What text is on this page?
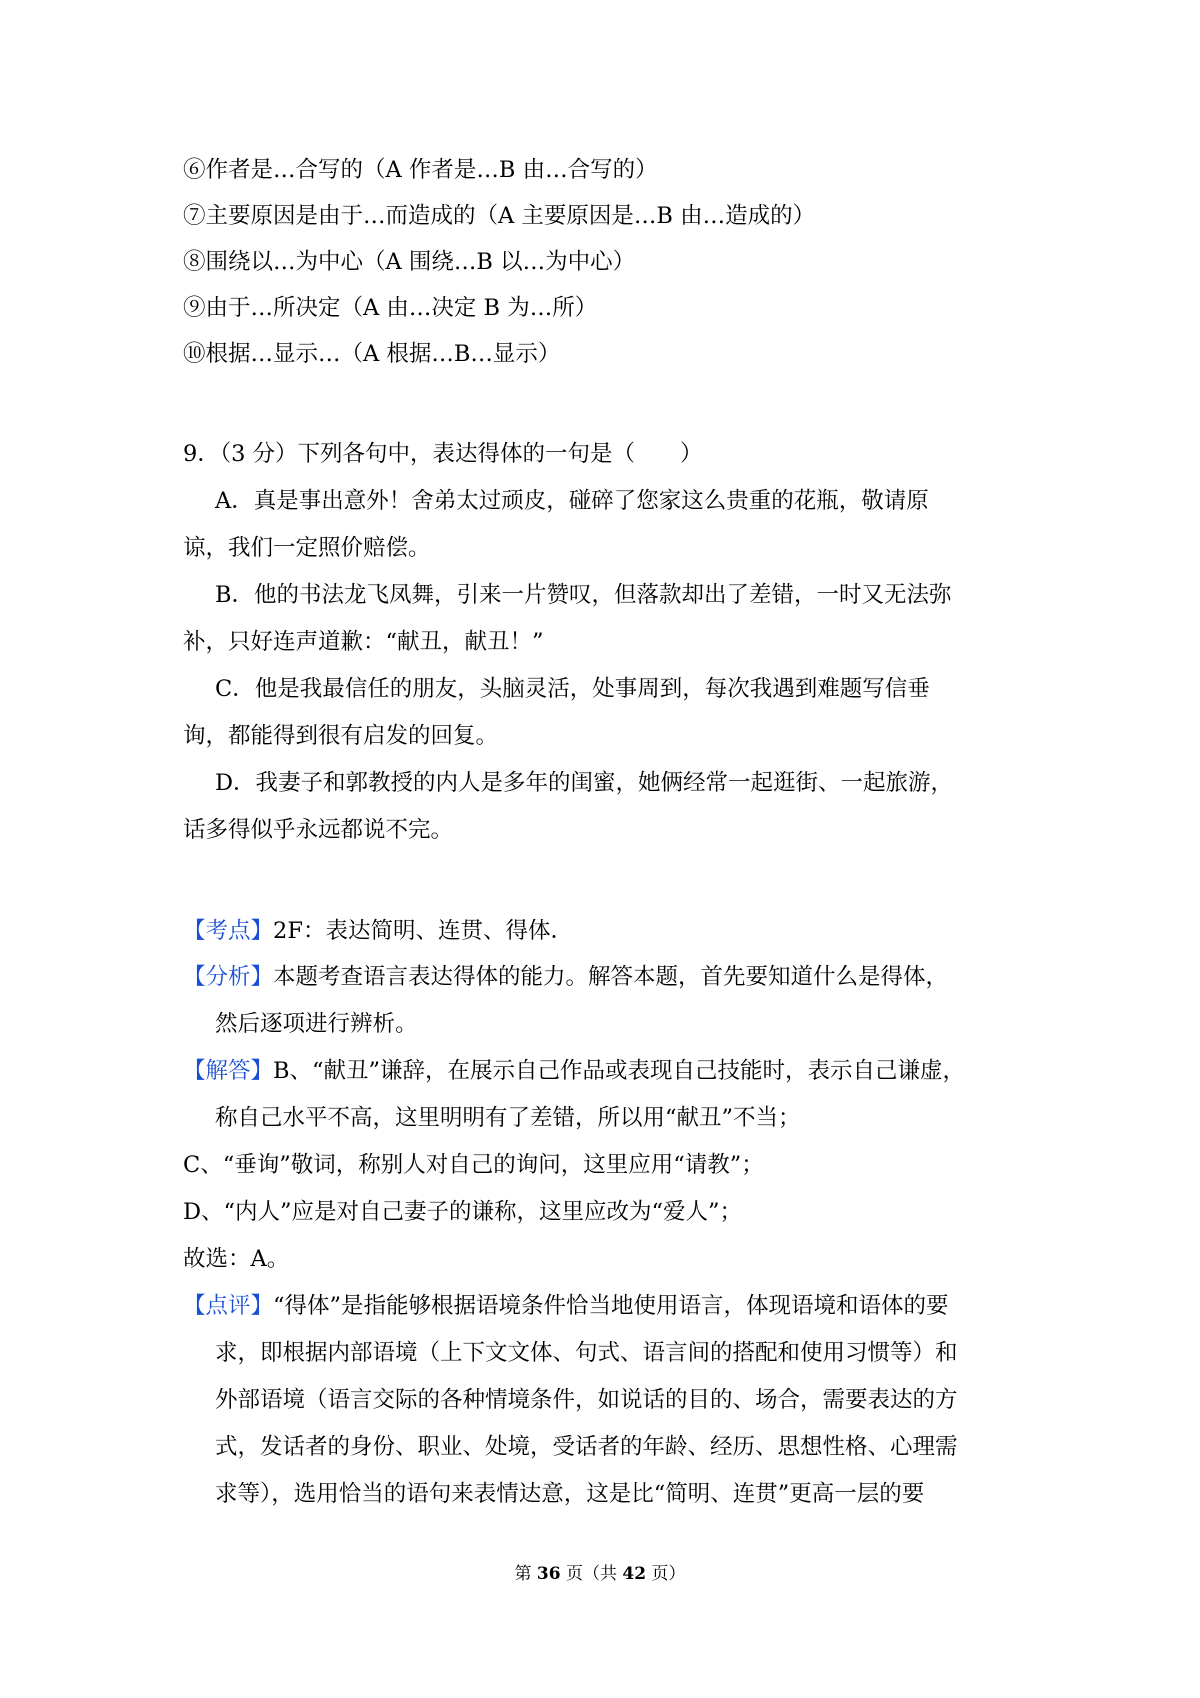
⑥作者是…合写的（A 作者是…B 由…合写的）
⑦主要原因是由于…而造成的（A 主要原因是…B 由…造成的）
⑧围绕以…为中心（A 围绕…B 以…为中心）
⑨由于…所决定（A 由…决定 B 为…所）
⑩根据…显示…（A 根据…B…显示）
9．（3 分）下列各句中，表达得体的一句是（　　）
A．真是事出意外！舍弟太过顽皮，碰碎了您家这么贵重的花瓶，敬请原
谅，我们一定照价赔偿。
B．他的书法龙飞凤舞，引来一片赞叹，但落款却出了差错，一时又无法弥
补，只好连声道歉：“献丑，献丑！”
C．他是我最信任的朋友，头脑灵活，处事周到，每次我遇到难题写信垂
询，都能得到很有启发的回复。
D．我妻子和郭教授的内人是多年的闺蜜，她俩经常一起逛街、一起旅游，
话多得似乎永远都说不完。
【考点】2F：表达简明、连贯、得体．
【分析】本题考查语言表达得体的能力。解答本题，首先要知道什么是得体，
然后逐项进行辨析。
【解答】B、“献丑”谦辞，在展示自己作品或表现自己技能时，表示自己谦虚，
称自己水平不高，这里明明有了差错，所以用“献丑”不当；
C、“垂询”敬词，称别人对自己的询问，这里应用“请教”；
D、“内人”应是对自己妻子的谦称，这里应改为“爱人”；
故选：A。
【点评】“得体”是指能够根据语境条件恰当地使用语言，体现语境和语体的要
求，即根据内部语境（上下文文体、句式、语言间的搭配和使用习惯等）和
外部语境（语言交际的各种情境条件，如说话的目的、场合，需要表达的方
式，发话者的身份、职业、处境，受话者的年龄、经历、思想性格、心理需
求等），选用恰当的语句来表情达意，这是比“简明、连贯”更高一层的要
第 36 页（共 42 页）
